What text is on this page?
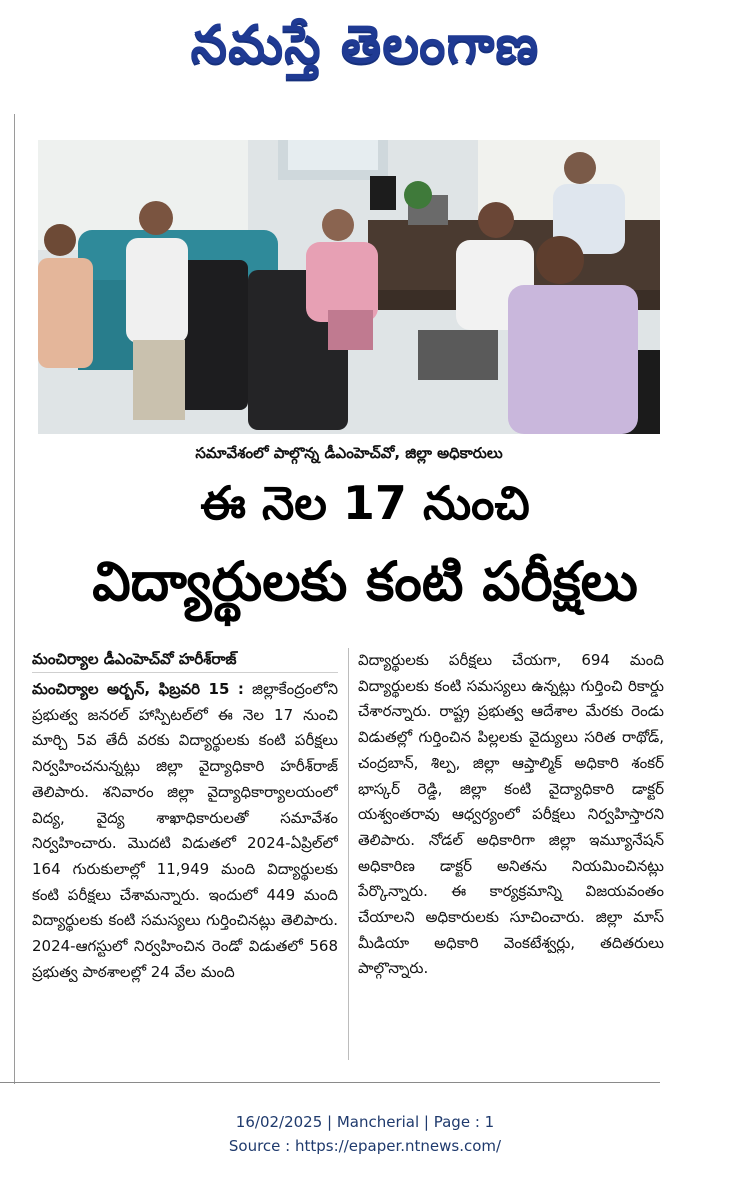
నమస్తే తెలంగాణ
సమావేశంలో పాల్గొన్న డీఎంహెచ్‌వో, జిల్లా అధికారులు
ఈ నెల 17 నుంచి
విద్యార్థులకు కంటి పరీక్షలు
మంచిర్యాల డీఎంహెచ్‌వో హరీశ్‌రాజ్
మంచిర్యాల అర్బన్, ఫిబ్రవరి 15 : జిల్లాకేంద్రంలోని ప్రభుత్వ జనరల్ హాస్పిటల్‌లో ఈ నెల 17 నుంచి మార్చి 5వ తేదీ వరకు విద్యార్థులకు కంటి పరీక్షలు నిర్వహించనున్నట్లు జిల్లా వైద్యాధికారి హరీశ్‌రాజ్ తెలిపారు. శనివారం జిల్లా వైద్యాధికార్యాలయంలో విద్య, వైద్య శాఖాధికారులతో సమావేశం నిర్వహించారు. మొదటి విడుతలో 2024-ఏప్రిల్‌లో 164 గురుకులాల్లో 11,949 మంది విద్యార్థులకు కంటి పరీక్షలు చేశామన్నారు. ఇందులో 449 మంది విద్యార్థులకు కంటి సమస్యలు గుర్తించినట్లు తెలిపారు. 2024-ఆగస్టులో నిర్వహించిన రెండో విడుతలో 568 ప్రభుత్వ పాఠశాలల్లో 24 వేల మంది
విద్యార్థులకు పరీక్షలు చేయగా, 694 మంది విద్యార్థులకు కంటి సమస్యలు ఉన్నట్లు గుర్తించి రికార్డు చేశారన్నారు. రాష్ట్ర ప్రభుత్వ ఆదేశాల మేరకు రెండు విడుతల్లో గుర్తించిన పిల్లలకు వైద్యులు సరిత రాథోడ్, చంద్రబాన్, శిల్ప, జిల్లా ఆప్తాల్మిక్ అధికారి శంకర్ భాస్కర్ రెడ్డి, జిల్లా కంటి వైద్యాధికారి డాక్టర్ యశ్వంతరావు ఆధ్వర్యంలో పరీక్షలు నిర్వహిస్తారని తెలిపారు. నోడల్ అధికారిగా జిల్లా ఇమ్యూనేషన్ అధికారిణ డాక్టర్ అనితను నియమించినట్లు పేర్కొన్నారు. ఈ కార్యక్రమాన్ని విజయవంతం చేయాలని అధికారులకు సూచించారు. జిల్లా మాస్ మీడియా అధికారి వెంకటేశ్వర్లు, తదితరులు పాల్గొన్నారు.
16/02/2025 | Mancherial | Page : 1
Source : https://epaper.ntnews.com/
